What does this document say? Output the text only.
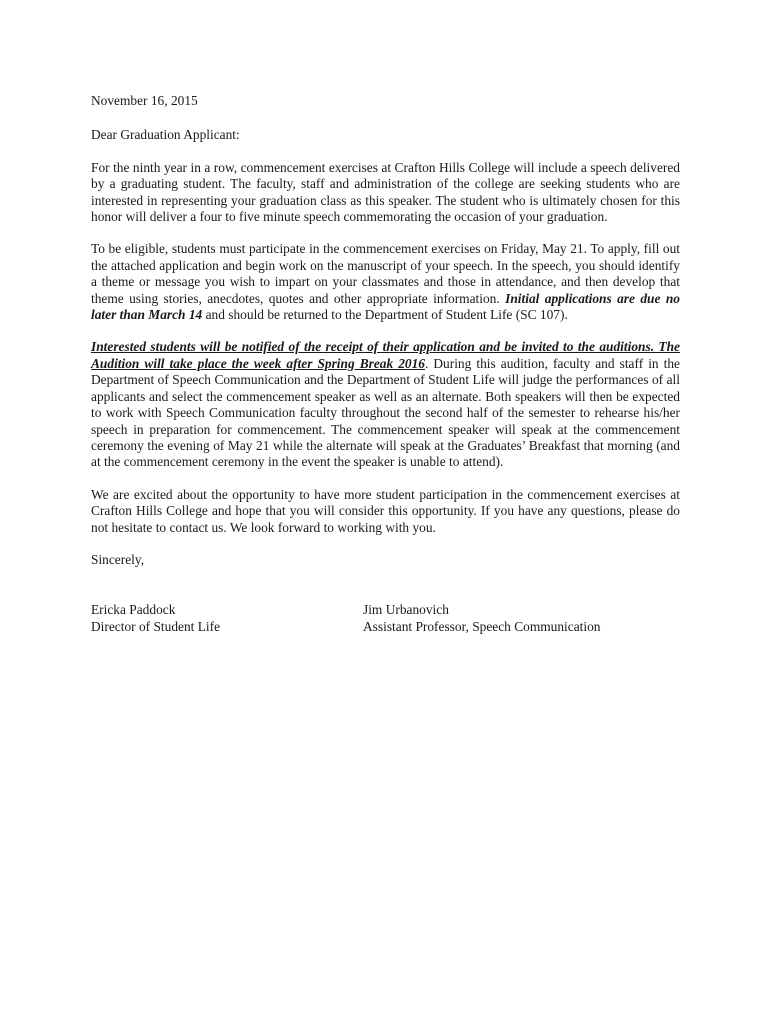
November 16, 2015

Dear Graduation Applicant:

For the ninth year in a row, commencement exercises at Crafton Hills College will include a speech delivered by a graduating student. The faculty, staff and administration of the college are seeking students who are interested in representing your graduation class as this speaker. The student who is ultimately chosen for this honor will deliver a four to five minute speech commemorating the occasion of your graduation.

To be eligible, students must participate in the commencement exercises on Friday, May 21. To apply, fill out the attached application and begin work on the manuscript of your speech. In the speech, you should identify a theme or message you wish to impart on your classmates and those in attendance, and then develop that theme using stories, anecdotes, quotes and other appropriate information. Initial applications are due no later than March 14 and should be returned to the Department of Student Life (SC 107).

Interested students will be notified of the receipt of their application and be invited to the auditions. The Audition will take place the week after Spring Break 2016. During this audition, faculty and staff in the Department of Speech Communication and the Department of Student Life will judge the performances of all applicants and select the commencement speaker as well as an alternate. Both speakers will then be expected to work with Speech Communication faculty throughout the second half of the semester to rehearse his/her speech in preparation for commencement. The commencement speaker will speak at the commencement ceremony the evening of May 21 while the alternate will speak at the Graduates’ Breakfast that morning (and at the commencement ceremony in the event the speaker is unable to attend).

We are excited about the opportunity to have more student participation in the commencement exercises at Crafton Hills College and hope that you will consider this opportunity. If you have any questions, please do not hesitate to contact us. We look forward to working with you.

Sincerely,

Ericka Paddock
Director of Student Life
Jim Urbanovich
Assistant Professor, Speech Communication
